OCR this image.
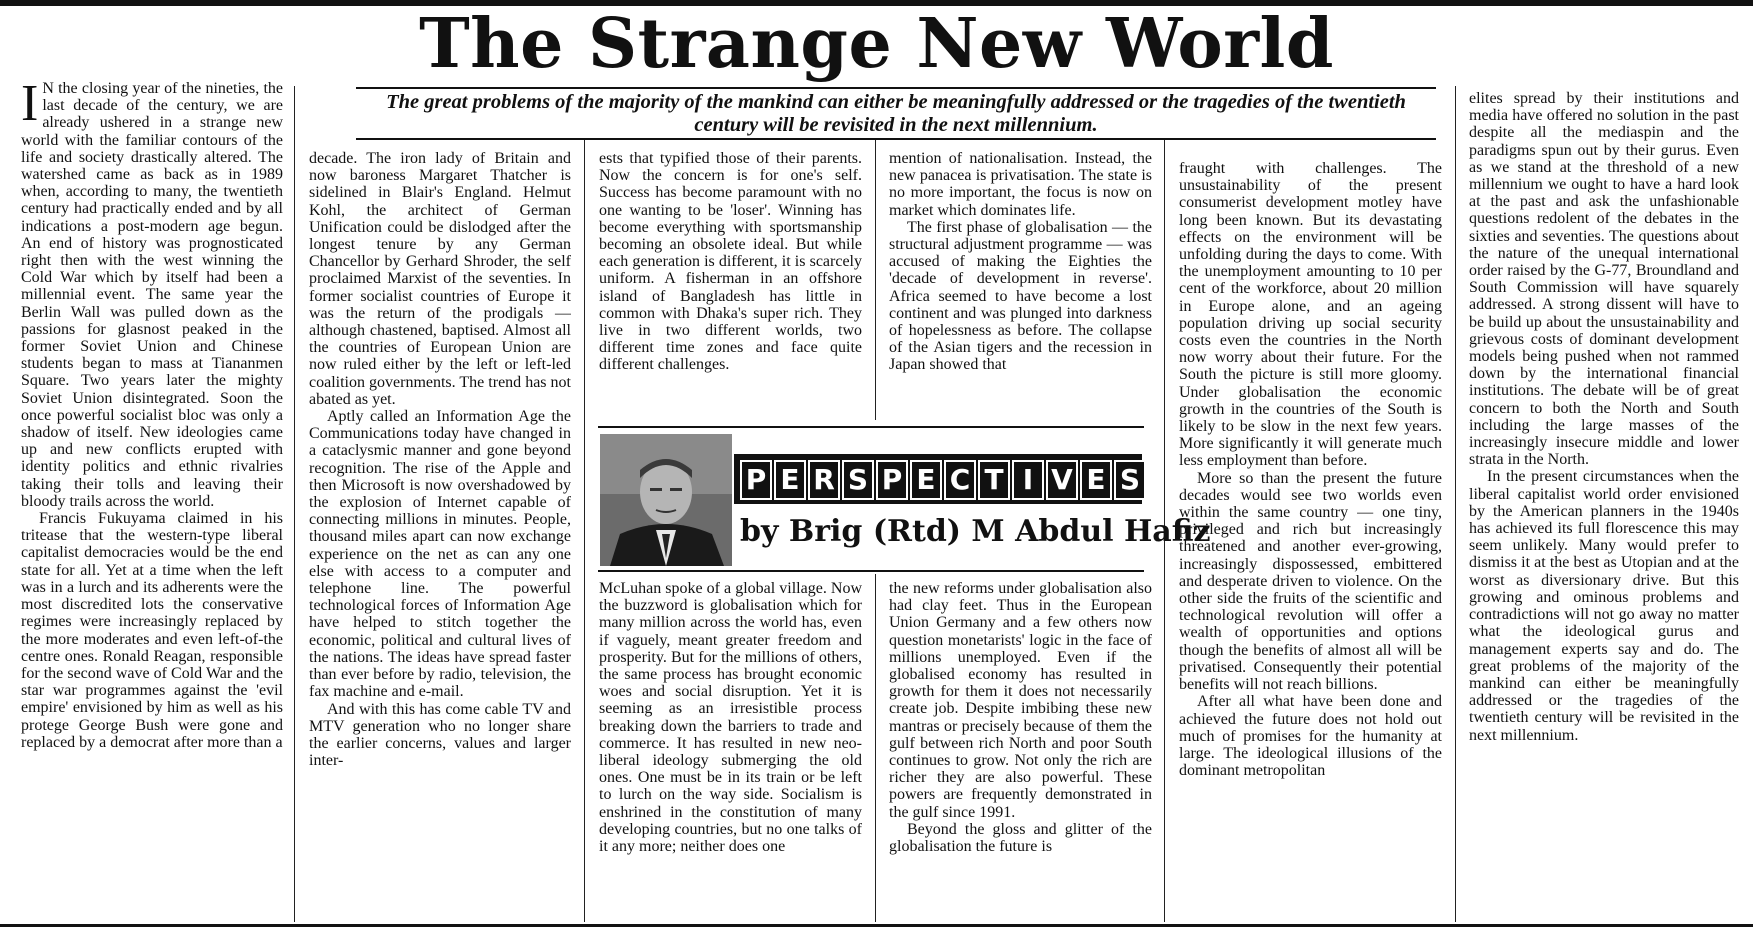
The Strange New World
The great problems of the majority of the mankind can either be meaningfully addressed or the tragedies of the twentieth century will be revisited in the next millennium.

I N the closing year of the nineties, the last decade of the century, we are already ushered in a strange new world with the familiar contours of the life and society drastically altered. The watershed came as back as in 1989 when, according to many, the twentieth century had practically ended and by all indications a post-modern age begun. An end of history was prognosticated right then with the west winning the Cold War which by itself had been a millennial event. The same year the Berlin Wall was pulled down as the passions for glasnost peaked in the former Soviet Union and Chinese students began to mass at Tiananmen Square. Two years later the mighty Soviet Union disintegrated. Soon the once powerful socialist bloc was only a shadow of itself. New ideologies came up and new conflicts erupted with identity politics and ethnic rivalries taking their tolls and leaving their bloody trails across the world.

Francis Fukuyama claimed in his tritease that the western-type liberal capitalist democracies would be the end state for all. Yet at a time when the left was in a lurch and its adherents were the most discredited lots the conservative regimes were increasingly replaced by the more moderates and even left-of-the centre ones. Ronald Reagan, responsible for the second wave of Cold War and the star war programmes against the 'evil empire' envisioned by him as well as his protege George Bush were gone and replaced by a democrat after more than a

decade. The iron lady of Britain and now baroness Margaret Thatcher is sidelined in Blair's England. Helmut Kohl, the architect of German Unification could be dislodged after the longest tenure by any German Chancellor by Gerhard Shroder, the self proclaimed Marxist of the seventies. In former socialist countries of Europe it was the return of the prodigals — although chastened, baptised. Almost all the countries of European Union are now ruled either by the left or left-led coalition governments. The trend has not abated as yet.

Aptly called an Information Age the Communications today have changed in a cataclysmic manner and gone beyond recognition. The rise of the Apple and then Microsoft is now overshadowed by the explosion of Internet capable of connecting millions in minutes. People, thousand miles apart can now exchange experience on the net as can any one else with access to a computer and telephone line. The powerful technological forces of Information Age have helped to stitch together the economic, political and cultural lives of the nations. The ideas have spread faster than ever before by radio, television, the fax machine and e-mail.

And with this has come cable TV and MTV generation who no longer share the earlier concerns, values and larger inter-

ests that typified those of their parents. Now the concern is for one's self. Success has become paramount with no one wanting to be 'loser'. Winning has become everything with sportsmanship becoming an obsolete ideal. But while each generation is different, it is scarcely uniform. A fisherman in an offshore island of Bangladesh has little in common with Dhaka's super rich. They live in two different worlds, two different time zones and face quite different challenges.

mention of nationalisation. Instead, the new panacea is privatisation. The state is no more important, the focus is now on market which dominates life.

The first phase of globalisation — the structural adjustment programme — was accused of making the Eighties the 'decade of development in reverse'. Africa seemed to have become a lost continent and was plunged into darkness of hopelessness as before. The collapse of the Asian tigers and the recession in Japan showed that

P E R S P E C T I V E S
by Brig (Rtd) M Abdul Hafiz

McLuhan spoke of a global village. Now the buzzword is globalisation which for many million across the world has, even if vaguely, meant greater freedom and prosperity. But for the millions of others, the same process has brought economic woes and social disruption. Yet it is seeming as an irresistible process breaking down the barriers to trade and commerce. It has resulted in new neo-liberal ideology submerging the old ones. One must be in its train or be left to lurch on the way side. Socialism is enshrined in the constitution of many developing countries, but no one talks of it any more; neither does one

the new reforms under globalisation also had clay feet. Thus in the European Union Germany and a few others now question monetarists' logic in the face of millions unemployed. Even if the globalised economy has resulted in growth for them it does not necessarily create job. Despite imbibing these new mantras or precisely because of them the gulf between rich North and poor South continues to grow. Not only the rich are richer they are also powerful. These powers are frequently demonstrated in the gulf since 1991.

Beyond the gloss and glitter of the globalisation the future is

fraught with challenges. The unsustainability of the present consumerist development motley have long been known. But its devastating effects on the environment will be unfolding during the days to come. With the unemployment amounting to 10 per cent of the workforce, about 20 million in Europe alone, and an ageing population driving up social security costs even the countries in the North now worry about their future. For the South the picture is still more gloomy. Under globalisation the economic growth in the countries of the South is likely to be slow in the next few years. More significantly it will generate much less employment than before.

More so than the present the future decades would see two worlds even within the same country — one tiny, privileged and rich but increasingly threatened and another ever-growing, increasingly dispossessed, embittered and desperate driven to violence. On the other side the fruits of the scientific and technological revolution will offer a wealth of opportunities and options though the benefits of almost all will be privatised. Consequently their potential benefits will not reach billions.

After all what have been done and achieved the future does not hold out much of promises for the humanity at large. The ideological illusions of the dominant metropolitan

elites spread by their institutions and media have offered no solution in the past despite all the mediaspin and the paradigms spun out by their gurus. Even as we stand at the threshold of a new millennium we ought to have a hard look at the past and ask the unfashionable questions redolent of the debates in the sixties and seventies. The questions about the nature of the unequal international order raised by the G-77, Broundland and South Commission will have squarely addressed. A strong dissent will have to be build up about the unsustainability and grievous costs of dominant development models being pushed when not rammed down by the international financial institutions. The debate will be of great concern to both the North and South including the large masses of the increasingly insecure middle and lower strata in the North.

In the present circumstances when the liberal capitalist world order envisioned by the American planners in the 1940s has achieved its full florescence this may seem unlikely. Many would prefer to dismiss it at the best as Utopian and at the worst as diversionary drive. But this growing and ominous problems and contradictions will not go away no matter what the ideological gurus and management experts say and do. The great problems of the majority of the mankind can either be meaningfully addressed or the tragedies of the twentieth century will be revisited in the next millennium.
